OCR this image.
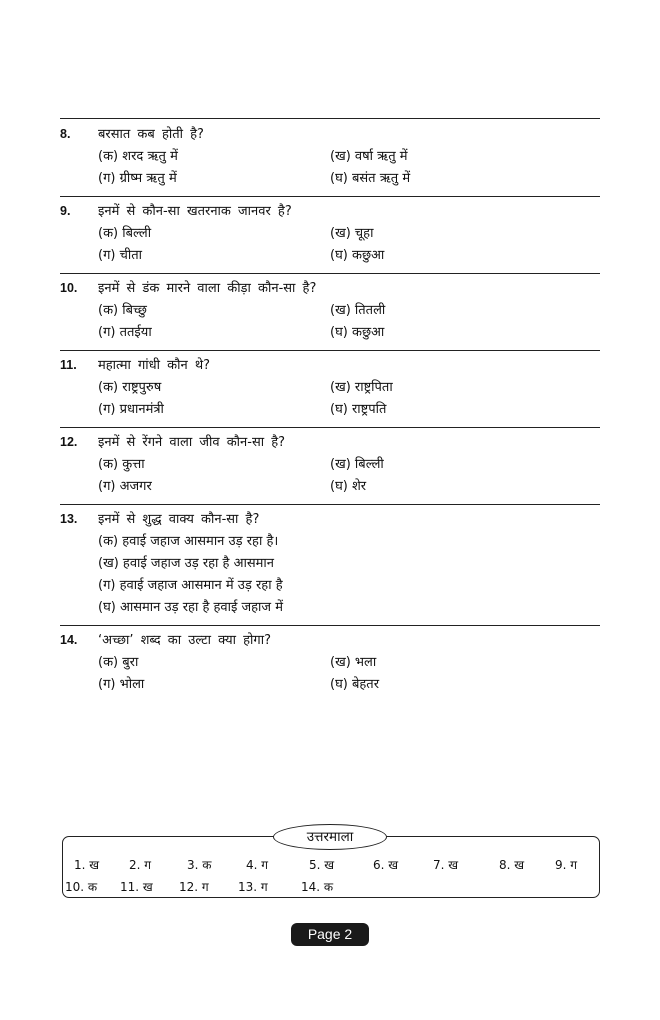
8.	बरसात कब होती है?
(क) शरद ऋतु में	(ख) वर्षा ऋतु में
(ग) ग्रीष्म ऋतु में	(घ) बसंत ऋतु में
9.	इनमें से कौन-सा खतरनाक जानवर है?
(क) बिल्ली	(ख) चूहा
(ग) चीता	(घ) कछुआ
10.	इनमें से डंक मारने वाला कीड़ा कौन-सा है?
(क) बिच्छु	(ख) तितली
(ग) ततईया	(घ) कछुआ
11.	महात्मा गांधी कौन थे?
(क) राष्ट्रपुरुष	(ख) राष्ट्रपिता
(ग) प्रधानमंत्री	(घ) राष्ट्रपति
12.	इनमें से रेंगने वाला जीव कौन-सा है?
(क) कुत्ता	(ख) बिल्ली
(ग) अजगर	(घ) शेर
13.	इनमें से शुद्ध वाक्य कौन-सा है?
(क) हवाई जहाज आसमान उड़ रहा है।
(ख) हवाई जहाज उड़ रहा है आसमान
(ग) हवाई जहाज आसमान में उड़ रहा है
(घ) आसमान उड़ रहा है हवाई जहाज में
14.	‘अच्छा’ शब्द का उल्टा क्या होगा?
(क) बुरा	(ख) भला
(ग) भोला	(घ) बेहतर
उत्तरमाला
1. ख 2. ग	3. क	4. ग	5. ख	6. ख	7. ख	8. ख	9. ग
10. क 11. ख 12. ग 13. ग	14. क
Page 2
